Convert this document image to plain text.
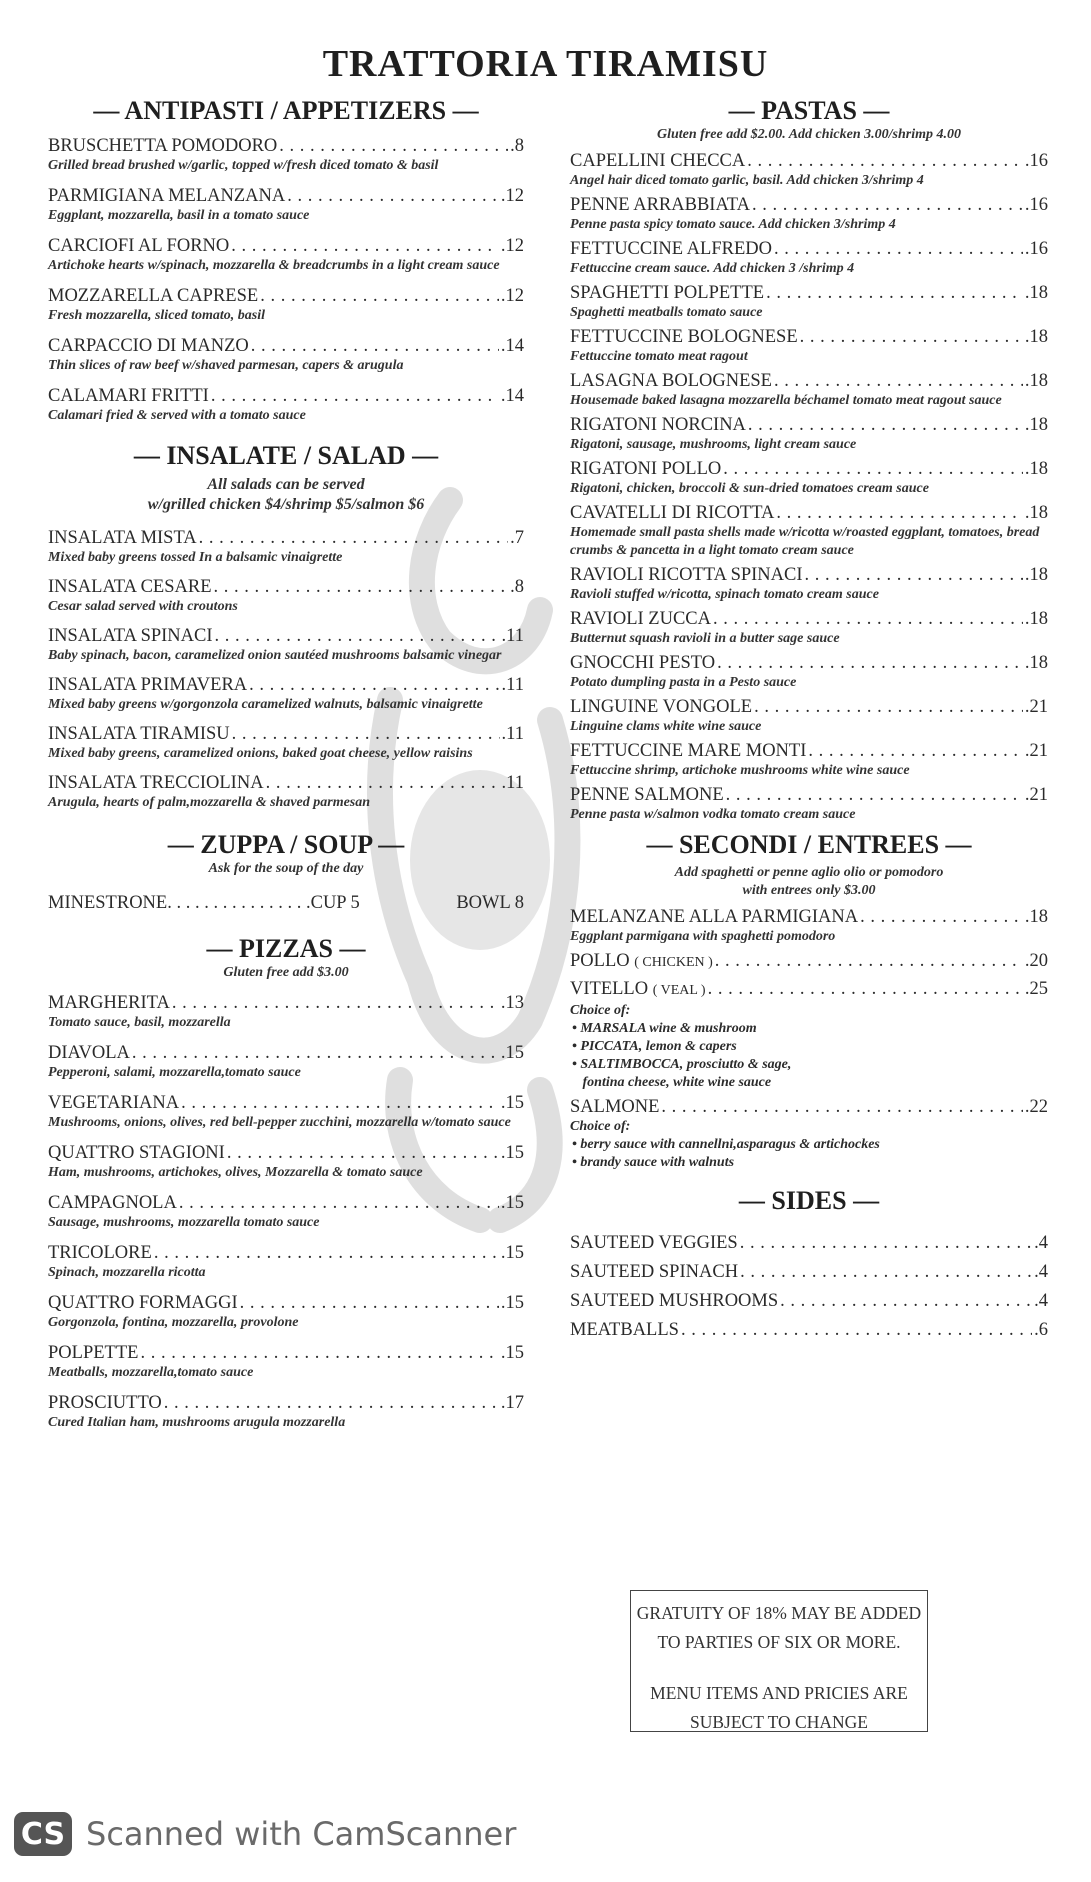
TRATTORIA TIRAMISU
— ANTIPASTI / APPETIZERS —
BRUSCHETTA POMODORO . . .	.8
Grilled bread brushed w/garlic, topped w/fresh diced tomato & basil
PARMIGIANA MELANZANA . . .	.12
Eggplant, mozzarella, basil in a tomato sauce
CARCIOFI AL FORNO . . .	.12
Artichoke hearts w/spinach, mozzarella & breadcrumbs in a light cream sauce
MOZZARELLA CAPRESE . . .	.12
Fresh mozzarella, sliced tomato, basil
CARPACCIO DI MANZO . . .	.14
Thin slices of raw beef w/shaved parmesan, capers & arugula
CALAMARI FRITTI . . .	.14
Calamari fried & served with a tomato sauce
— INSALATE / SALAD —
All salads can be served
w/grilled chicken $4/shrimp $5/salmon $6
INSALATA MISTA . . .	.7
Mixed baby greens tossed In a balsamic vinaigrette
INSALATA CESARE . . .	.8
Cesar salad served with croutons
INSALATA SPINACI . . .	.11
Baby spinach, bacon, caramelized onion sautéed mushrooms balsamic vinegar
INSALATA PRIMAVERA . . .	.11
Mixed baby greens w/gorgonzola caramelized walnuts, balsamic vinaigrette
INSALATA TIRAMISU . . .	.11
Mixed baby greens, caramelized onions, baked goat cheese, yellow raisins
INSALATA TRECCIOLINA . . .	.11
Arugula, hearts of palm,mozzarella & shaved parmesan
— ZUPPA / SOUP —
Ask for the soup of the day
MINESTRONE . . . . . . . . . . . . . . . . CUP 5	BOWL 8
— PIZZAS —
Gluten free add $3.00
MARGHERITA . . .	.13
Tomato sauce, basil, mozzarella
DIAVOLA . . .	.15
Pepperoni, salami, mozzarella,tomato sauce
VEGETARIANA . . .	.15
Mushrooms, onions, olives, red bell-pepper zucchini, mozzarella w/tomato sauce
QUATTRO STAGIONI . . .	.15
Ham, mushrooms, artichokes, olives, Mozzarella & tomato sauce
CAMPAGNOLA . . .	.15
Sausage, mushrooms, mozzarella tomato sauce
TRICOLORE . . .	.15
Spinach, mozzarella ricotta
QUATTRO FORMAGGI . . .	.15
Gorgonzola, fontina, mozzarella, provolone
POLPETTE . . .	.15
Meatballs, mozzarella,tomato sauce
PROSCIUTTO . . .	.17
Cured Italian ham, mushrooms arugula mozzarella
— PASTAS —
Gluten free add $2.00. Add chicken 3.00/shrimp 4.00
CAPELLINI CHECCA . . .	.16
Angel hair diced tomato garlic, basil. Add chicken 3/shrimp 4
PENNE ARRABBIATA . . .	.16
Penne pasta spicy tomato sauce. Add chicken 3/shrimp 4
FETTUCCINE ALFREDO . . .	.16
Fettuccine cream sauce. Add chicken 3 /shrimp 4
SPAGHETTI POLPETTE . . .	.18
Spaghetti meatballs tomato sauce
FETTUCCINE BOLOGNESE . . .	.18
Fettuccine tomato meat ragout
LASAGNA BOLOGNESE . . .	.18
Housemade baked lasagna mozzarella béchamel tomato meat ragout sauce
RIGATONI NORCINA . . .	.18
Rigatoni, sausage, mushrooms, light cream sauce
RIGATONI POLLO . . .	.18
Rigatoni, chicken, broccoli & sun-dried tomatoes cream sauce
CAVATELLI DI RICOTTA . . .	.18
Homemade small pasta shells made w/ricotta w/roasted eggplant, tomatoes, bread crumbs & pancetta in a light tomato cream sauce
RAVIOLI RICOTTA SPINACI . . .	.18
Ravioli stuffed w/ricotta, spinach tomato cream sauce
RAVIOLI ZUCCA . . .	.18
Butternut squash ravioli in a butter sage sauce
GNOCCHI PESTO . . .	.18
Potato dumpling pasta in a Pesto sauce
LINGUINE VONGOLE . . .	.21
Linguine clams white wine sauce
FETTUCCINE MARE MONTI . . .	.21
Fettuccine shrimp, artichoke mushrooms white wine sauce
PENNE SALMONE . . .	.21
Penne pasta w/salmon vodka tomato cream sauce
— SECONDI / ENTREES —
Add spaghetti or penne aglio olio or pomodoro
with entrees only $3.00
MELANZANE ALLA PARMIGIANA . . .	.18
Eggplant parmigana with spaghetti pomodoro
POLLO ( CHICKEN ) . . .	.20
VITELLO ( VEAL ) . . .	.25
Choice of:
• MARSALA wine & mushroom
• PICCATA, lemon & capers
• SALTIMBOCCA, prosciutto & sage,
fontina cheese, white wine sauce
SALMONE . . .	.22
Choice of:
• berry sauce with cannellni,asparagus & artichockes
• brandy sauce with walnuts
— SIDES —
SAUTEED VEGGIES . . .	.4
SAUTEED SPINACH . . .	.4
SAUTEED MUSHROOMS . . .	.4
MEATBALLS . . .	.6
GRATUITY OF 18% MAY BE ADDED
TO PARTIES OF SIX OR MORE.
MENU ITEMS AND PRICIES ARE
SUBJECT TO CHANGE
CS Scanned with CamScanner
